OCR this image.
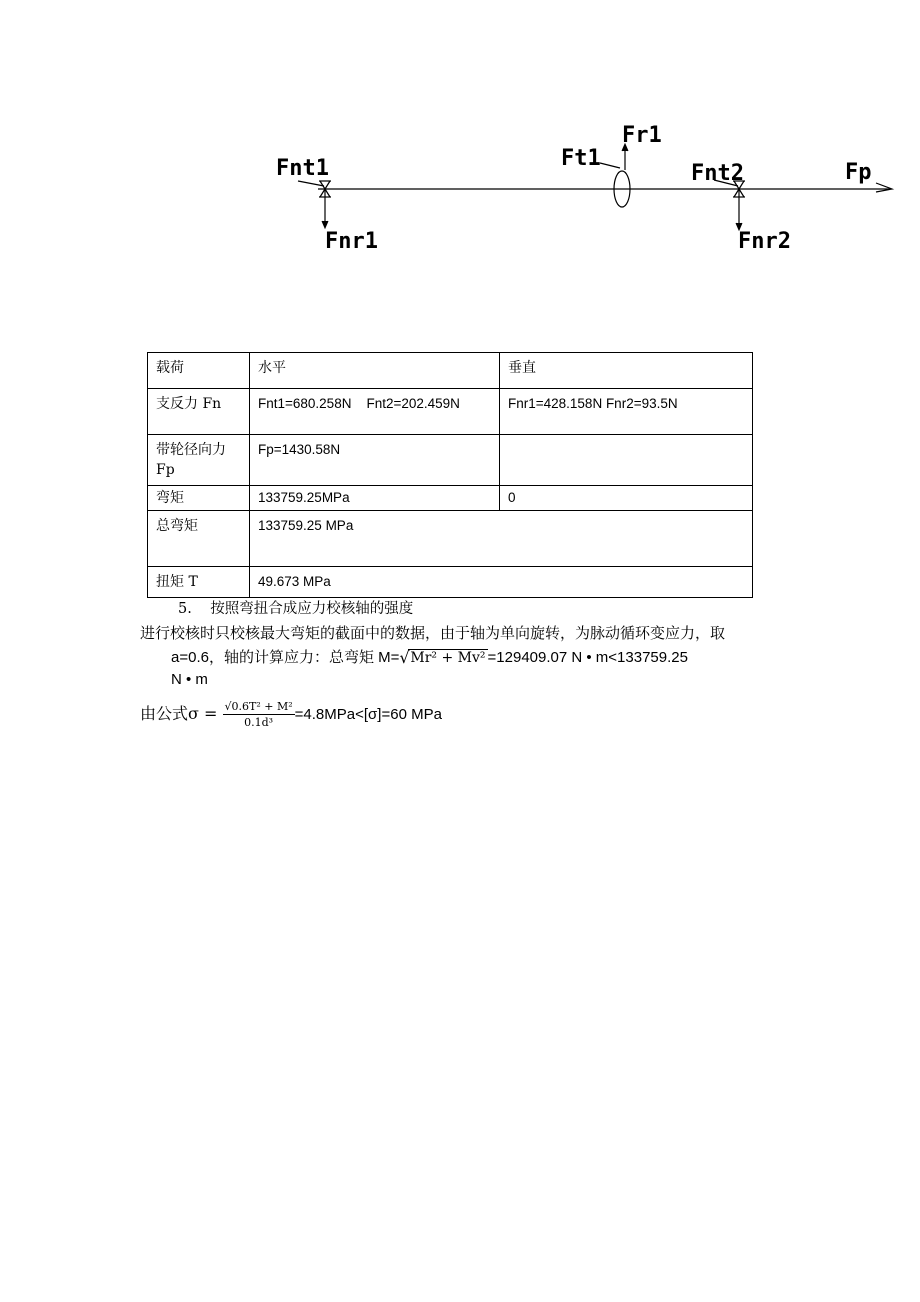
Fnt1
Fnr1
Ft1
Fr1
Fnt2
Fnr2
Fp
载荷	水平	垂直
支反力 Fn	Fnt1=680.258N    Fnt2=202.459N	Fnr1=428.158N Fnr2=93.5N
带轮径向力 Fp	Fp=1430.58N	
弯矩	133759.25MPa	0
总弯矩	133759.25 MPa	
扭矩 T	49.673 MPa	
5.    按照弯扭合成应力校核轴的强度
进行校核时只校核最大弯矩的截面中的数据，由于轴为单向旋转，为脉动循环变应力，取
a=0.6，轴的计算应力：总弯矩 M= √ Mr² + Mv² =129409.07 N • m<133759.25
N • m
由公式$\sigma = \frac{\text{√0.6T² + M²}}{\text{0.1d³}} =4.8MPa<[\sigma]=60$ MPa
